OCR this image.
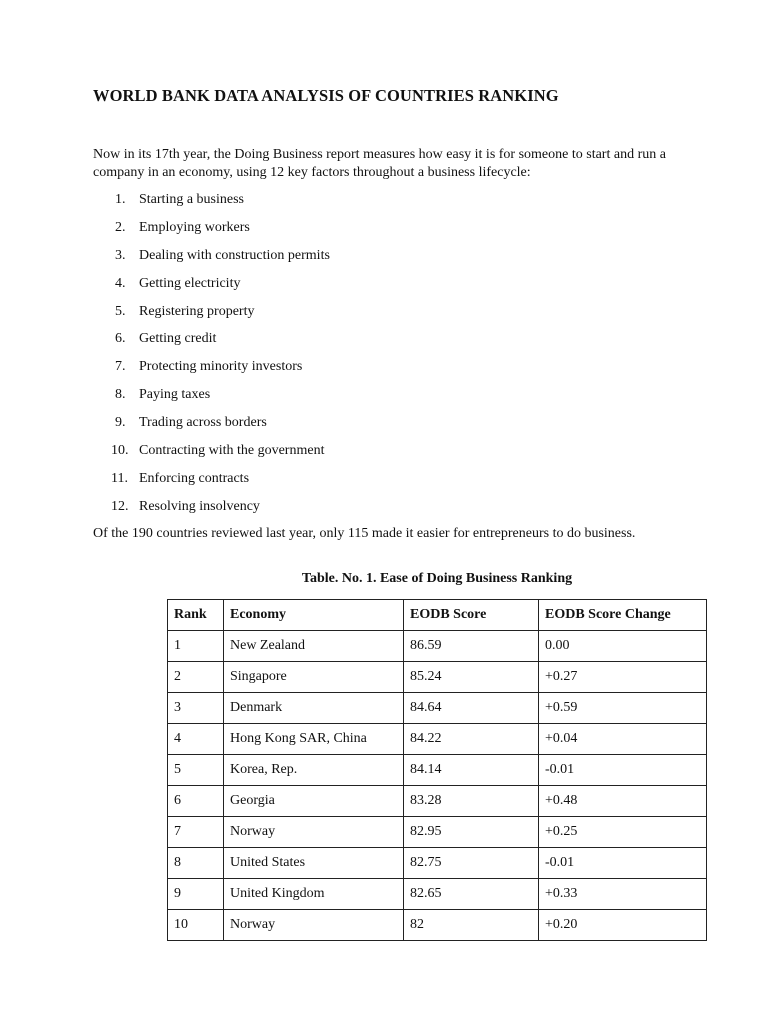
WORLD BANK DATA ANALYSIS OF COUNTRIES RANKING
Now in its 17th year, the Doing Business report measures how easy it is for someone to start and run a company in an economy, using 12 key factors throughout a business lifecycle:
1. Starting a business
2. Employing workers
3. Dealing with construction permits
4. Getting electricity
5. Registering property
6. Getting credit
7. Protecting minority investors
8. Paying taxes
9. Trading across borders
10. Contracting with the government
11. Enforcing contracts
12. Resolving insolvency
Of the 190 countries reviewed last year, only 115 made it easier for entrepreneurs to do business.
Table. No. 1. Ease of Doing Business Ranking
Rank	Economy	EODB Score	EODB Score Change
1	New Zealand	86.59	0.00
2	Singapore	85.24	+0.27
3	Denmark	84.64	+0.59
4	Hong Kong SAR, China	84.22	+0.04
5	Korea, Rep.	84.14	-0.01
6	Georgia	83.28	+0.48
7	Norway	82.95	+0.25
8	United States	82.75	-0.01
9	United Kingdom	82.65	+0.33
10	Norway	82	+0.20
